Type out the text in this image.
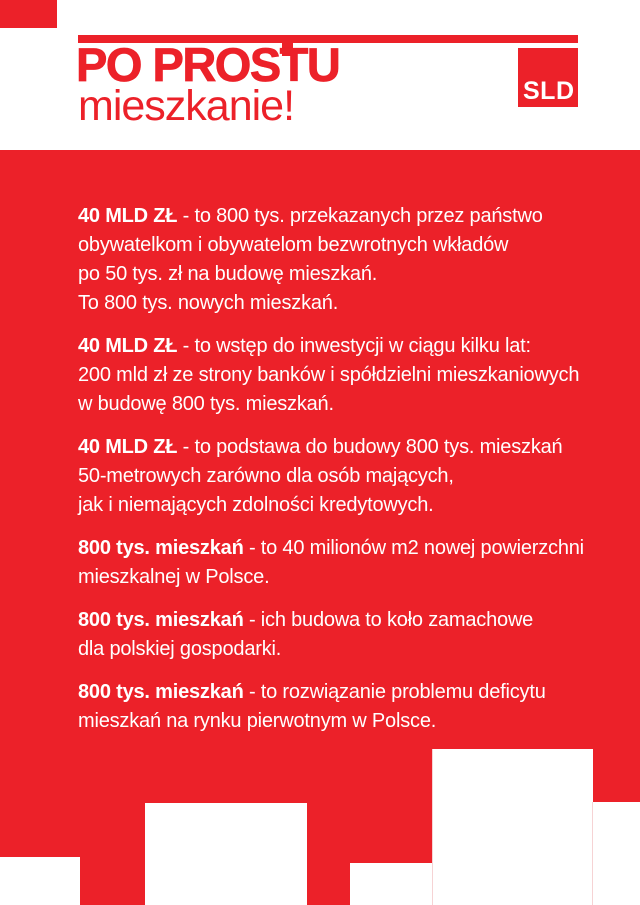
PO PROSTU
mieszkanie!	SLD
40 MLD ZŁ - to 800 tys. przekazanych przez państwo
obywatelkom i obywatelom bezwrotnych wkładów
po 50 tys. zł na budowę mieszkań.
To 800 tys. nowych mieszkań.
40 MLD ZŁ - to wstęp do inwestycji w ciągu kilku lat:
200 mld zł ze strony banków i spółdzielni mieszkaniowych
w budowę 800 tys. mieszkań.
40 MLD ZŁ - to podstawa do budowy 800 tys. mieszkań
50-metrowych zarówno dla osób mających,
jak i niemających zdolności kredytowych.
800 tys. mieszkań - to 40 milionów m2 nowej powierzchni
mieszkalnej w Polsce.
800 tys. mieszkań - ich budowa to koło zamachowe
dla polskiej gospodarki.
800 tys. mieszkań - to rozwiązanie problemu deficytu
mieszkań na rynku pierwotnym w Polsce.
